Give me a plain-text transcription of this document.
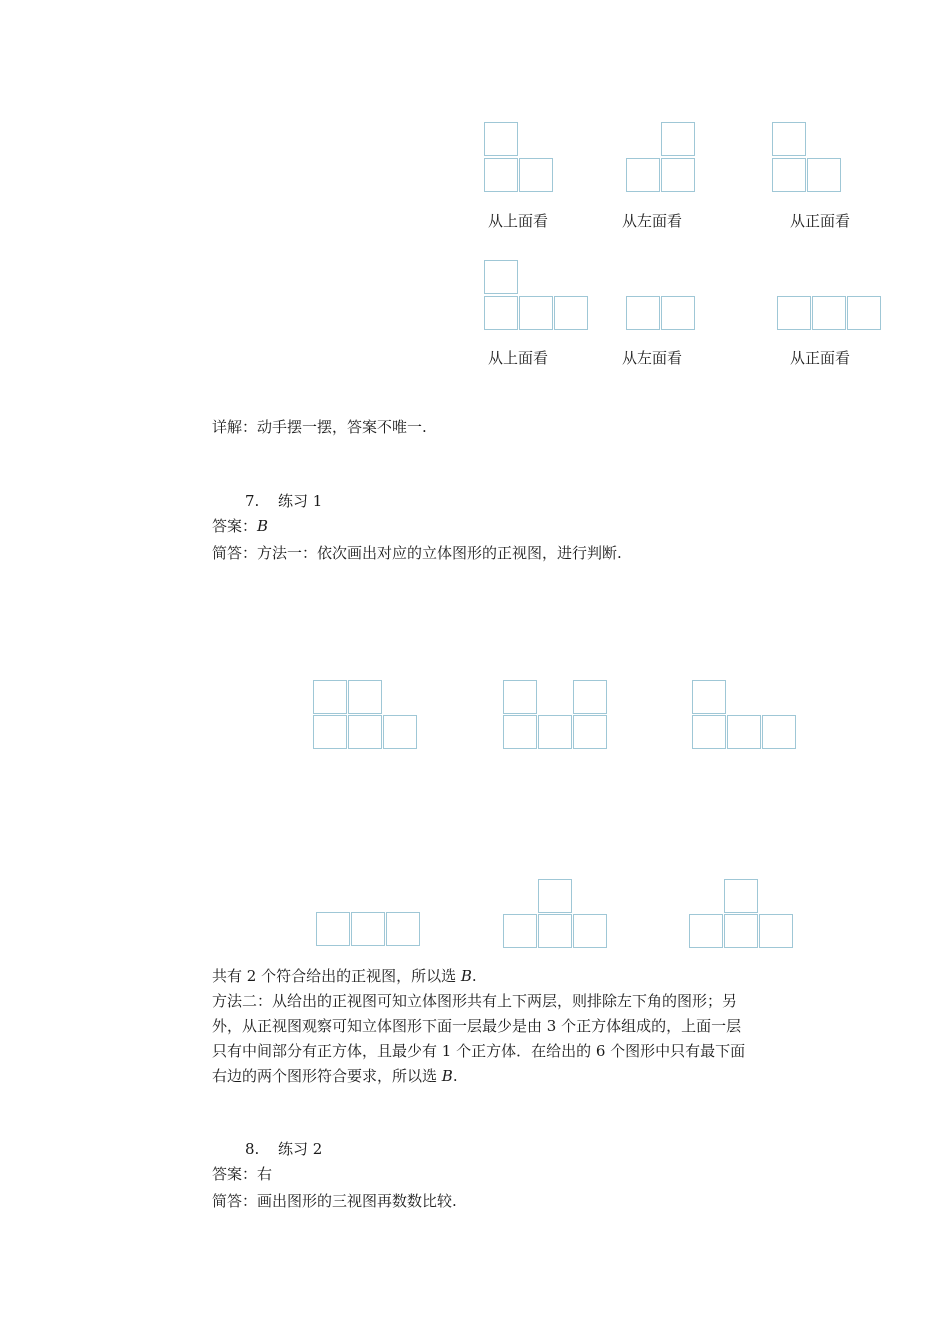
从上面看	从左面看	从正面看
从上面看	从左面看	从正面看
详解：动手摆一摆，答案不唯一.
7. 练习 1
答案：B
简答：方法一：依次画出对应的立体图形的正视图，进行判断.
共有 2 个符合给出的正视图，所以选 B.
方法二：从给出的正视图可知立体图形共有上下两层，则排除左下角的图形；另
外，从正视图观察可知立体图形下面一层最少是由 3 个正方体组成的，上面一层
只有中间部分有正方体，且最少有 1 个正方体．在给出的 6 个图形中只有最下面
右边的两个图形符合要求，所以选 B.
8. 练习 2
答案：右
简答：画出图形的三视图再数数比较.
